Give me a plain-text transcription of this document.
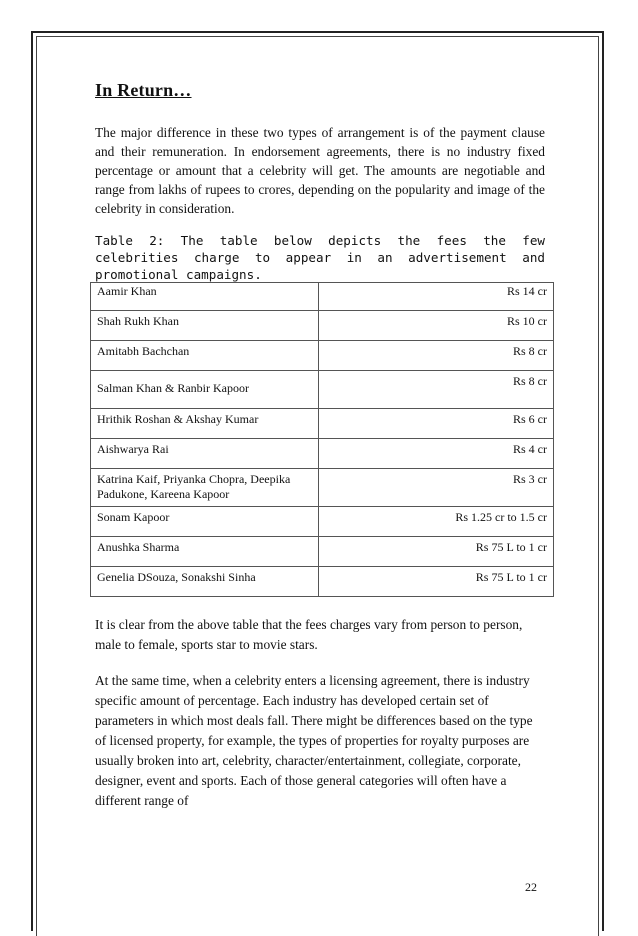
In Return…

The major difference in these two types of arrangement is of the payment clause and their remuneration. In endorsement agreements, there is no industry fixed percentage or amount that a celebrity will get. The amounts are negotiable and range from lakhs of rupees to crores, depending on the popularity and image of the celebrity in consideration.

Table 2: The table below depicts the fees the few celebrities charge to appear in an advertisement and promotional campaigns.

Aamir Khan	Rs 14 cr
Shah Rukh Khan	Rs 10 cr
Amitabh Bachchan	Rs 8 cr
Salman Khan & Ranbir Kapoor	Rs 8 cr
Hrithik Roshan & Akshay Kumar	Rs 6 cr
Aishwarya Rai	Rs 4 cr
Katrina Kaif, Priyanka Chopra, Deepika Padukone, Kareena Kapoor	Rs 3 cr
Sonam Kapoor	Rs 1.25 cr to 1.5 cr
Anushka Sharma	Rs 75 L to 1 cr
Genelia DSouza, Sonakshi Sinha	Rs 75 L to 1 cr

It is clear from the above table that the fees charges vary from person to person, male to female, sports star to movie stars.

At the same time, when a celebrity enters a licensing agreement, there is industry specific amount of percentage. Each industry has developed certain set of parameters in which most deals fall. There might be differences based on the type of licensed property, for example, the types of properties for royalty purposes are usually broken into art, celebrity, character/entertainment, collegiate, corporate, designer, event and sports. Each of those general categories will often have a different range of

22
